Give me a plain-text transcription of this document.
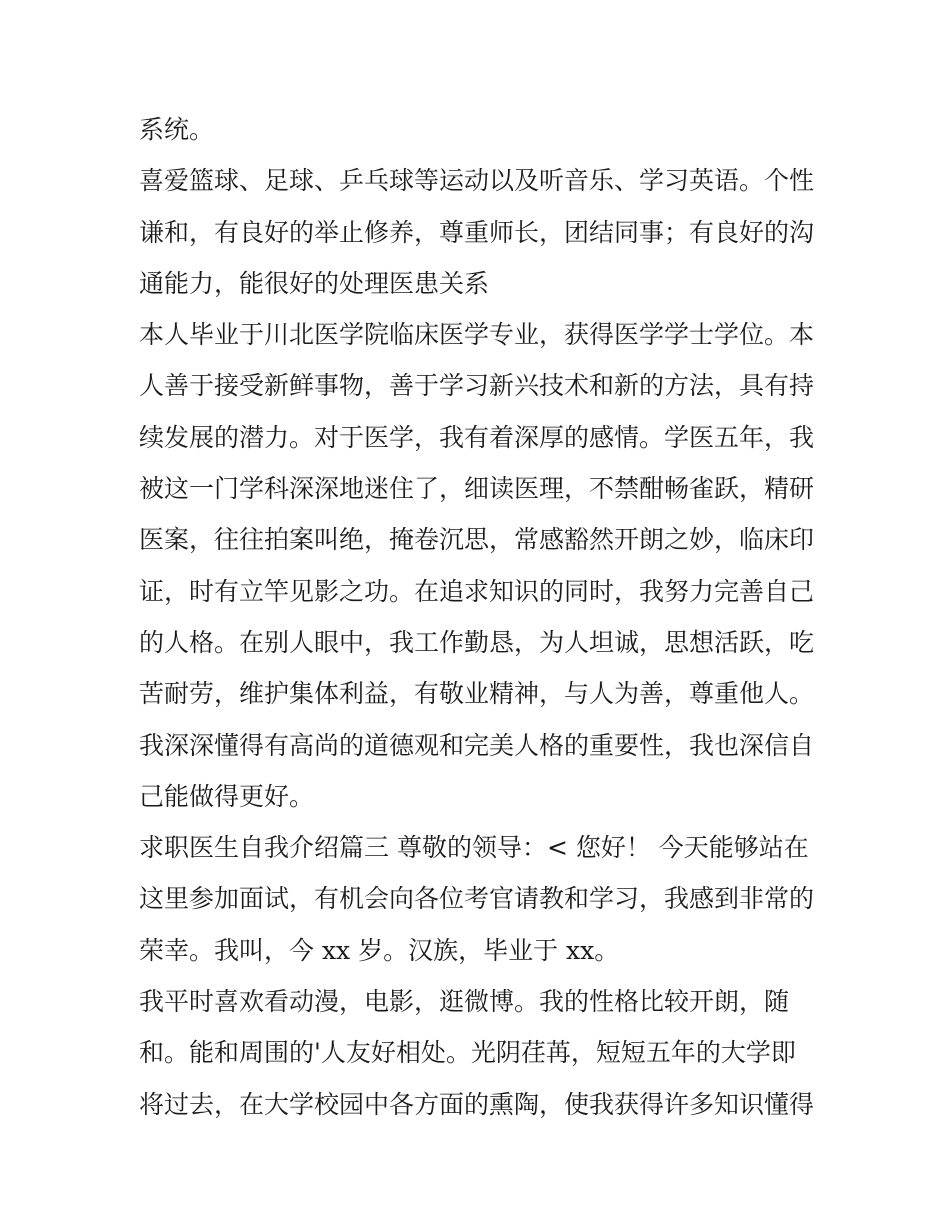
系统。
喜爱篮球、足球、乒乓球等运动以及听音乐、学习英语。个性
谦和，有良好的举止修养，尊重师长，团结同事；有良好的沟
通能力，能很好的处理医患关系
本人毕业于川北医学院临床医学专业，获得医学学士学位。本
人善于接受新鲜事物，善于学习新兴技术和新的方法，具有持
续发展的潜力。对于医学，我有着深厚的感情。学医五年，我
被这一门学科深深地迷住了，细读医理，不禁酣畅雀跃，精研
医案，往往拍案叫绝，掩卷沉思，常感豁然开朗之妙，临床印
证，时有立竿见影之功。在追求知识的同时，我努力完善自己
的人格。在别人眼中，我工作勤恳，为人坦诚，思想活跃，吃
苦耐劳，维护集体利益，有敬业精神，与人为善，尊重他人。
我深深懂得有高尚的道德观和完美人格的重要性，我也深信自
己能做得更好。
求职医生自我介绍篇三 尊敬的领导：< 您好！ 今天能够站在
这里参加面试，有机会向各位考官请教和学习，我感到非常的
荣幸。我叫，今 xx 岁。汉族，毕业于 xx。
我平时喜欢看动漫，电影，逛微博。我的性格比较开朗，随
和。能和周围的'人友好相处。光阴荏苒，短短五年的大学即
将过去，在大学校园中各方面的熏陶，使我获得许多知识懂得
